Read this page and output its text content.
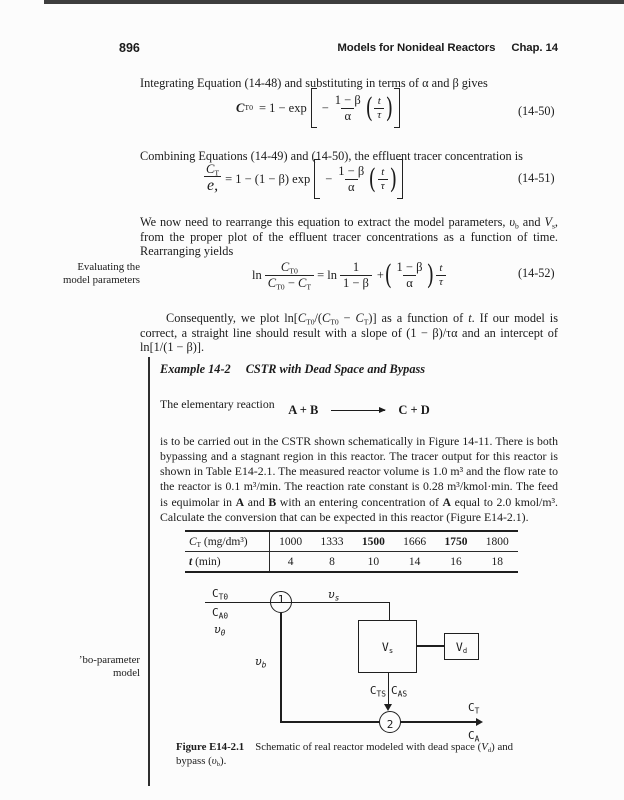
896	Models for Nonideal Reactors Chap. 14

Integrating Equation (14-48) and substituting in terms of α and β gives

C $T0 = 1 - \exp - \frac{1 - \beta}{\alpha}$ ( $\frac{t}{\tau}$ )	(14-50)

Combining Equations (14-49) and (14-50), the effluent tracer concentration is

$\frac{C_T}{e,} = 1 - (1 - \beta) \exp - \frac{1 - \beta}{\alpha}$ ( $\frac{t}{\tau}$ )	(14-51)

We now need to rearrange this equation to extract the model parameters, $\upsilon_b$ and $V_s$, from the proper plot of the effluent tracer concentrations as a function of time. Rearranging yields

Evaluating the
model parameters	$\ln \frac{C_{T0}}{C_{T0} - C_T} = \ln \frac{1}{1 - \beta}$ + ( $\frac{1 - \beta}{\alpha}$ ) $\frac{t}{\tau}$	(14-52)

Consequently, we plot $\ln[C_{T0}/(C_{T0} - C_T)]$ as a function of t. If our model is correct, a straight line should result with a slope of (1 − β)/τα and an intercept of ln[1/(1 − β)].

Example 14-2 CSTR with Dead Space and Bypass

The elementary reaction	A + B	C + D

is to be carried out in the CSTR shown schematically in Figure 14-11. There is both bypassing and a stagnant region in this reactor. The tracer output for this reactor is shown in Table E14-2.1. The measured reactor volume is 1.0 m³ and the flow rate to the reactor is 0.1 m³/min. The reaction rate constant is 0.28 m³/kmol·min. The feed is equimolar in A and B with an entering concentration of A equal to 2.0 kmol/m³. Calculate the conversion that can be expected in this reactor (Figure E14-2.1).

$C_T$ (mg/dm³)	1000	1333	1500	1666	1750	1800
t (min)	4	8	10	14	16	18
’bo-parameter
model
$C_{T0}$
$C_{A0}$
$\upsilon_0$
1	$\upsilon_s$
$V_s$	$V_d$
$C_{TS}$ $C_{AS}$
2
$\upsilon_b$
$C_T$
$C_A$
Figure E14-2.1 Schematic of real reactor modeled with dead space $(V_d)$ and
bypass $(\upsilon_b)$.
